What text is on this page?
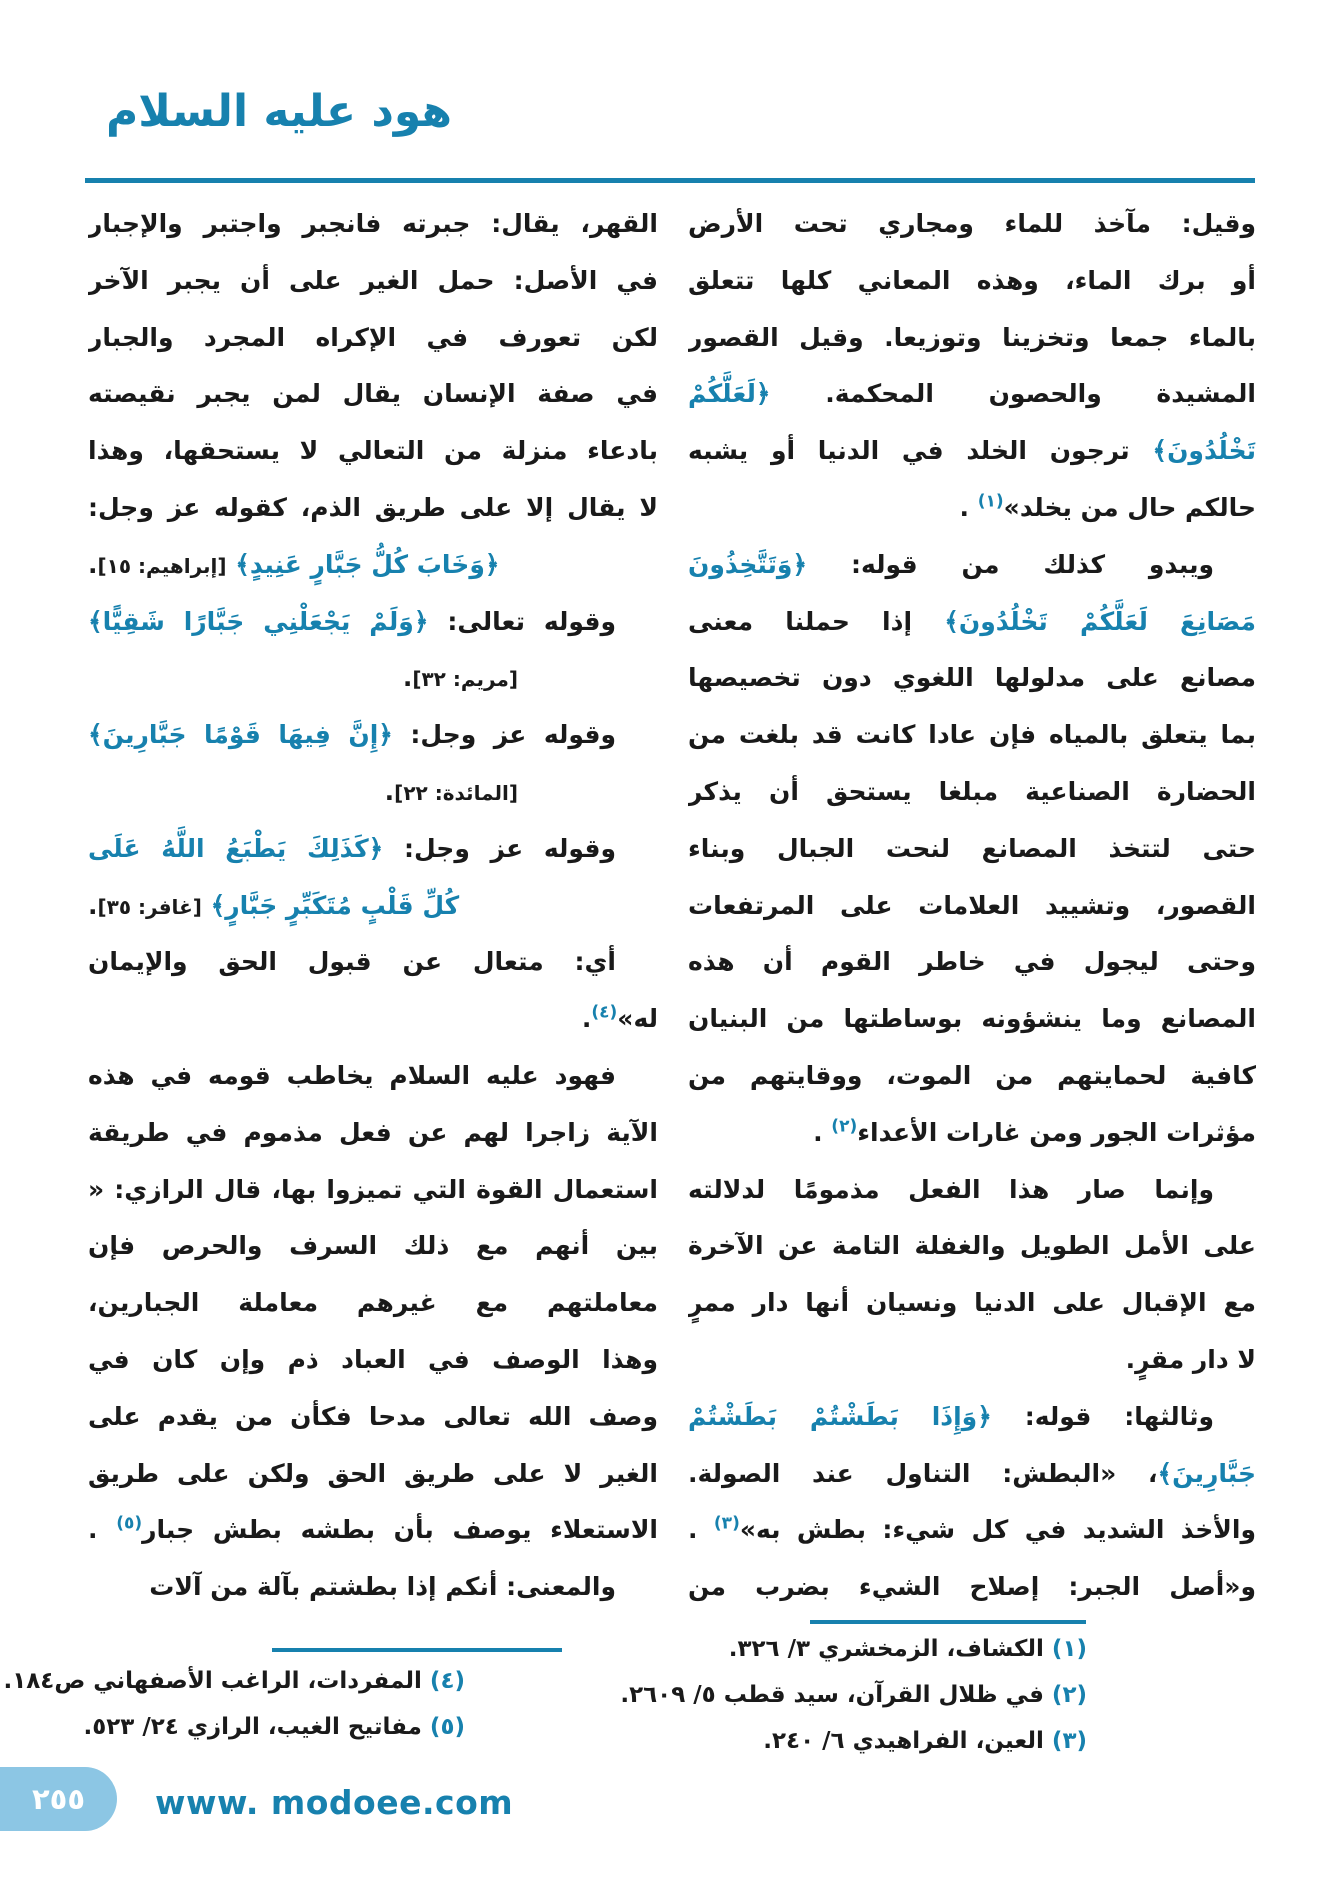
هود عليه السلام
وقيل: مآخذ للماء ومجاري تحت الأرض
أو برك الماء، وهذه المعاني كلها تتعلق
بالماء جمعا وتخزينا وتوزيعا. وقيل القصور
المشيدة والحصون المحكمة. ﴿لَعَلَّكُمْ
تَخْلُدُونَ﴾ ترجون الخلد في الدنيا أو يشبه
حالكم حال من يخلد»$^{(١)}$ .
ويبدو كذلك من قوله: ﴿وَتَتَّخِذُونَ
مَصَانِعَ لَعَلَّكُمْ تَخْلُدُونَ﴾ إذا حملنا معنى
مصانع على مدلولها اللغوي دون تخصيصها
بما يتعلق بالمياه فإن عادا كانت قد بلغت من
الحضارة الصناعية مبلغا يستحق أن يذكر
حتى لتتخذ المصانع لنحت الجبال وبناء
القصور، وتشييد العلامات على المرتفعات
وحتى ليجول في خاطر القوم أن هذه
المصانع وما ينشؤونه بوساطتها من البنيان
كافية لحمايتهم من الموت، ووقايتهم من
مؤثرات الجور ومن غارات الأعداء$^{(٢)}$ .
وإنما صار هذا الفعل مذمومًا لدلالته
على الأمل الطويل والغفلة التامة عن الآخرة
مع الإقبال على الدنيا ونسيان أنها دار ممرٍ
لا دار مقرٍ.
وثالثها: قوله: ﴿وَإِذَا بَطَشْتُمْ بَطَشْتُمْ
جَبَّارِينَ﴾، «البطش: التناول عند الصولة.
والأخذ الشديد في كل شيء: بطش به»$^{(٣)}$ .
و«أصل الجبر: إصلاح الشيء بضرب من
القهر، يقال: جبرته فانجبر واجتبر والإجبار
في الأصل: حمل الغير على أن يجبر الآخر
لكن تعورف في الإكراه المجرد والجبار
في صفة الإنسان يقال لمن يجبر نقيصته
بادعاء منزلة من التعالي لا يستحقها، وهذا
لا يقال إلا على طريق الذم، كقوله عز وجل:
﴿وَخَابَ كُلُّ جَبَّارٍ عَنِيدٍ﴾ [إبراهيم: ١٥].
وقوله تعالى: ﴿وَلَمْ يَجْعَلْنِي جَبَّارًا شَقِيًّا﴾
[مريم: ٣٢].
وقوله عز وجل: ﴿إِنَّ فِيهَا قَوْمًا جَبَّارِينَ﴾
[المائدة: ٢٢].
وقوله عز وجل: ﴿كَذَلِكَ يَطْبَعُ اللَّهُ عَلَى
كُلِّ قَلْبٍ مُتَكَبِّرٍ جَبَّارٍ﴾ [غافر: ٣٥].
أي: متعال عن قبول الحق والإيمان
له»$^{(٤)}$.
فهود عليه السلام يخاطب قومه في هذه
الآية زاجرا لهم عن فعل مذموم في طريقة
استعمال القوة التي تميزوا بها، قال الرازي: «
بين أنهم مع ذلك السرف والحرص فإن
معاملتهم مع غيرهم معاملة الجبارين،
وهذا الوصف في العباد ذم وإن كان في
وصف الله تعالى مدحا فكأن من يقدم على
الغير لا على طريق الحق ولكن على طريق
الاستعلاء يوصف بأن بطشه بطش جبار$^{(٥)}$ .
والمعنى: أنكم إذا بطشتم بآلة من آلات
(١) الكشاف، الزمخشري ٣/ ٣٢٦.
(٢) في ظلال القرآن، سيد قطب ٥/ ٢٦٠٩.
(٣) العين، الفراهيدي ٦/ ٢٤٠.
(٤) المفردات، الراغب الأصفهاني ص١٨٤.
(٥) مفاتيح الغيب، الرازي ٢٤/ ٥٢٣.
٢٥٥ www. modoee.com
